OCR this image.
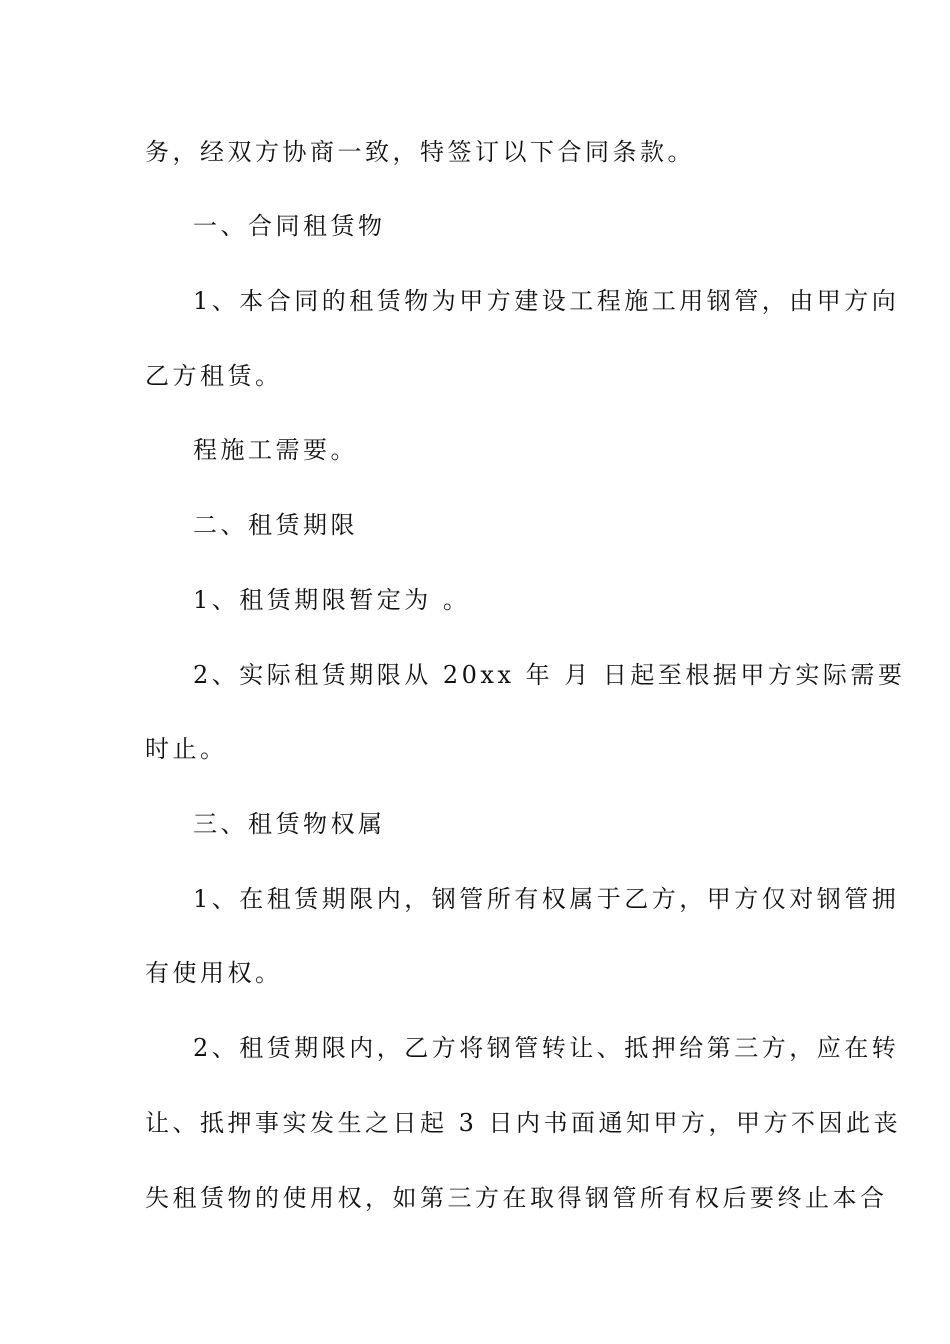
务，经双方协商一致，特签订以下合同条款。
一、合同租赁物
1、本合同的租赁物为甲方建设工程施工用钢管，由甲方向
乙方租赁。
程施工需要。
二、租赁期限
1、租赁期限暂定为 。
2、实际租赁期限从 20xx 年 月 日起至根据甲方实际需要
时止。
三、租赁物权属
1、在租赁期限内，钢管所有权属于乙方，甲方仅对钢管拥
有使用权。
2、租赁期限内，乙方将钢管转让、抵押给第三方，应在转
让、抵押事实发生之日起 3 日内书面通知甲方，甲方不因此丧
失租赁物的使用权，如第三方在取得钢管所有权后要终止本合
